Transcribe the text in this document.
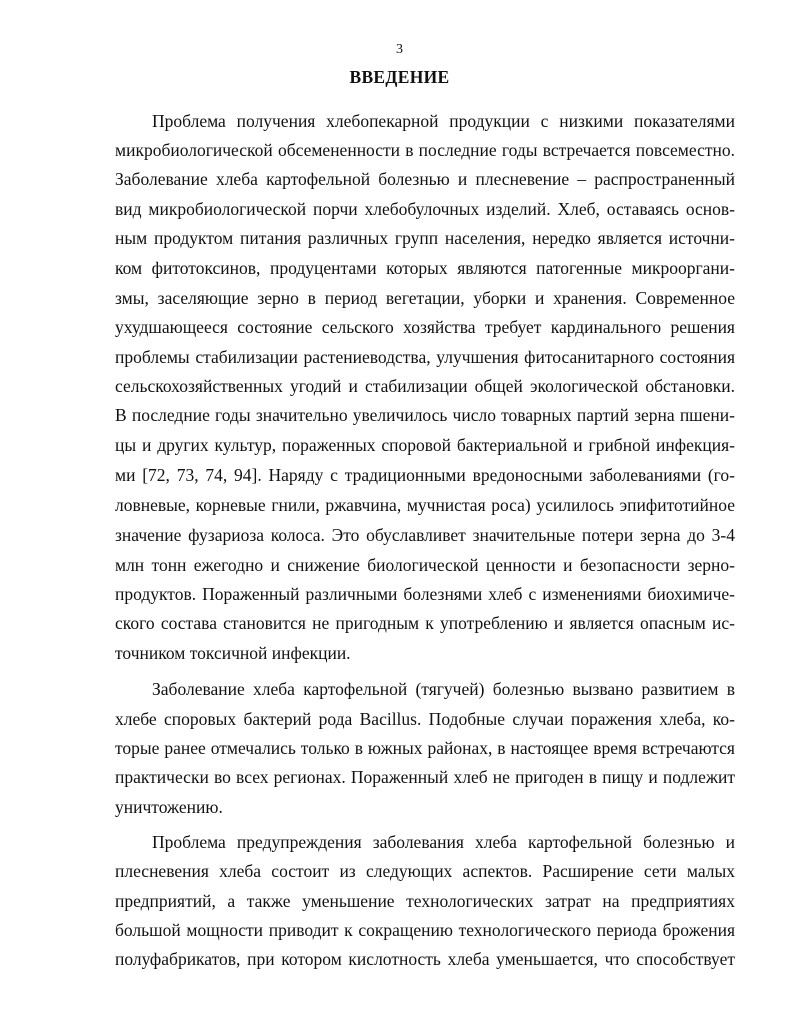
3
ВВЕДЕНИЕ
Проблема получения хлебопекарной продукции с низкими показателями
микробиологической обсемененности в последние годы встречается повсеместно.
Заболевание хлеба картофельной болезнью и плесневение – распространенный
вид микробиологической порчи хлебобулочных изделий. Хлеб, оставаясь основ-
ным продуктом питания различных групп населения, нередко является источни-
ком фитотоксинов, продуцентами которых являются патогенные микрооргани-
змы, заселяющие зерно в период вегетации, уборки и хранения. Современное
ухудшающееся состояние сельского хозяйства требует кардинального решения
проблемы стабилизации растениеводства, улучшения фитосанитарного состояния
сельскохозяйственных угодий и стабилизации общей экологической обстановки.
В последние годы значительно увеличилось число товарных партий зерна пшени-
цы и других культур, пораженных споровой бактериальной и грибной инфекция-
ми [72, 73, 74, 94]. Наряду с традиционными вредоносными заболеваниями (го-
ловневые, корневые гнили, ржавчина, мучнистая роса) усилилось эпифитотийное
значение фузариоза колоса. Это обуславливет значительные потери зерна до 3-4
млн тонн ежегодно и снижение биологической ценности и безопасности зерно-
продуктов. Пораженный различными болезнями хлеб с изменениями биохимиче-
ского состава становится не пригодным к употреблению и является опасным ис-
точником токсичной инфекции.
Заболевание хлеба картофельной (тягучей) болезнью вызвано развитием в
хлебе споровых бактерий рода Bacillus. Подобные случаи поражения хлеба, ко-
торые ранее отмечались только в южных районах, в настоящее время встречаются
практически во всех регионах. Пораженный хлеб не пригоден в пищу и подлежит
уничтожению.
Проблема предупреждения заболевания хлеба картофельной болезнью и
плесневения хлеба состоит из следующих аспектов. Расширение сети малых
предприятий, а также уменьшение технологических затрат на предприятиях
большой мощности приводит к сокращению технологического периода брожения
полуфабрикатов, при котором кислотность хлеба уменьшается, что способствует
